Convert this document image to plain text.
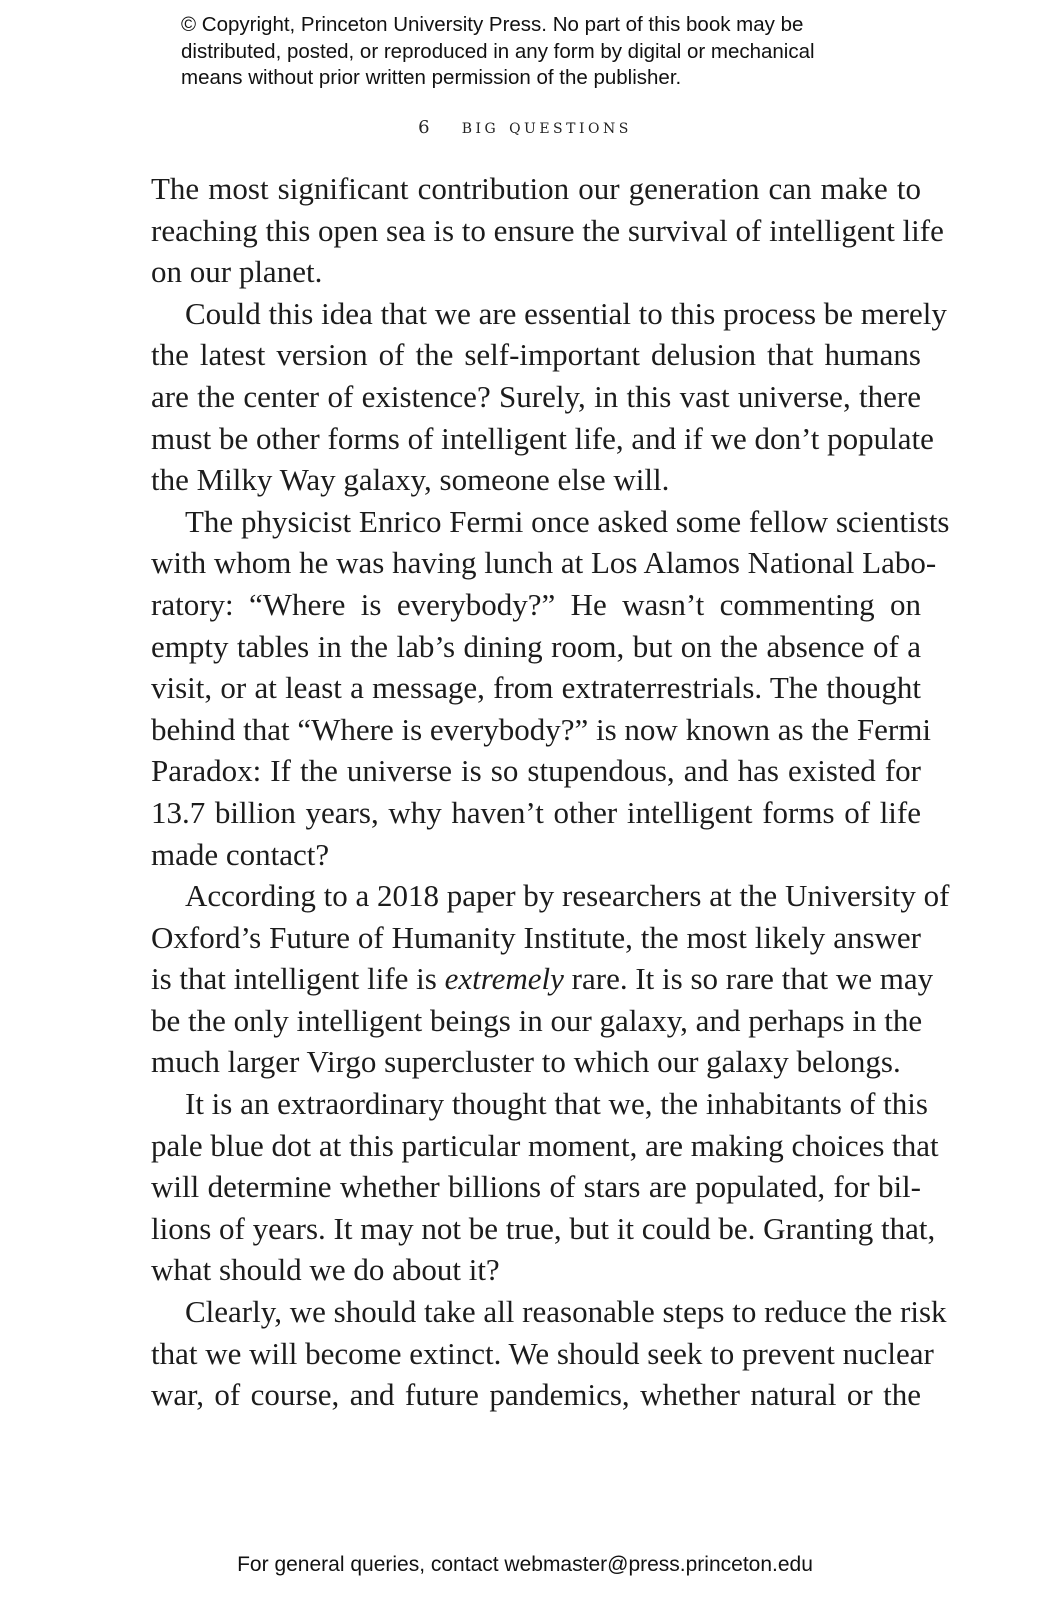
© Copyright, Princeton University Press. No part of this book may be
distributed, posted, or reproduced in any form by digital or mechanical
means without prior written permission of the publisher.
6 big questions
The most significant contribution our generation can make to
reaching this open sea is to ensure the survival of intelligent life
on our planet.
Could this idea that we are essential to this process be merely
the latest version of the self-important delusion that humans
are the center of existence? Surely, in this vast universe, there
must be other forms of intelligent life, and if we don’t populate
the Milky Way galaxy, someone else will.
The physicist Enrico Fermi once asked some fellow scientists
with whom he was having lunch at Los Alamos National Labo-
ratory: “Where is everybody?” He wasn’t commenting on
empty tables in the lab’s dining room, but on the absence of a
visit, or at least a message, from extraterrestrials. The thought
behind that “Where is everybody?” is now known as the Fermi
Paradox: If the universe is so stupendous, and has existed for
13.7 billion years, why haven’t other intelligent forms of life
made contact?
According to a 2018 paper by researchers at the University of
Oxford’s Future of Humanity Institute, the most likely answer
is that intelligent life is extremely rare. It is so rare that we may
be the only intelligent beings in our galaxy, and perhaps in the
much larger Virgo supercluster to which our galaxy belongs.
It is an extraordinary thought that we, the inhabitants of this
pale blue dot at this particular moment, are making choices that
will determine whether billions of stars are populated, for bil-
lions of years. It may not be true, but it could be. Granting that,
what should we do about it?
Clearly, we should take all reasonable steps to reduce the risk
that we will become extinct. We should seek to prevent nuclear
war, of course, and future pandemics, whether natural or the
For general queries, contact webmaster@press.princeton.edu
